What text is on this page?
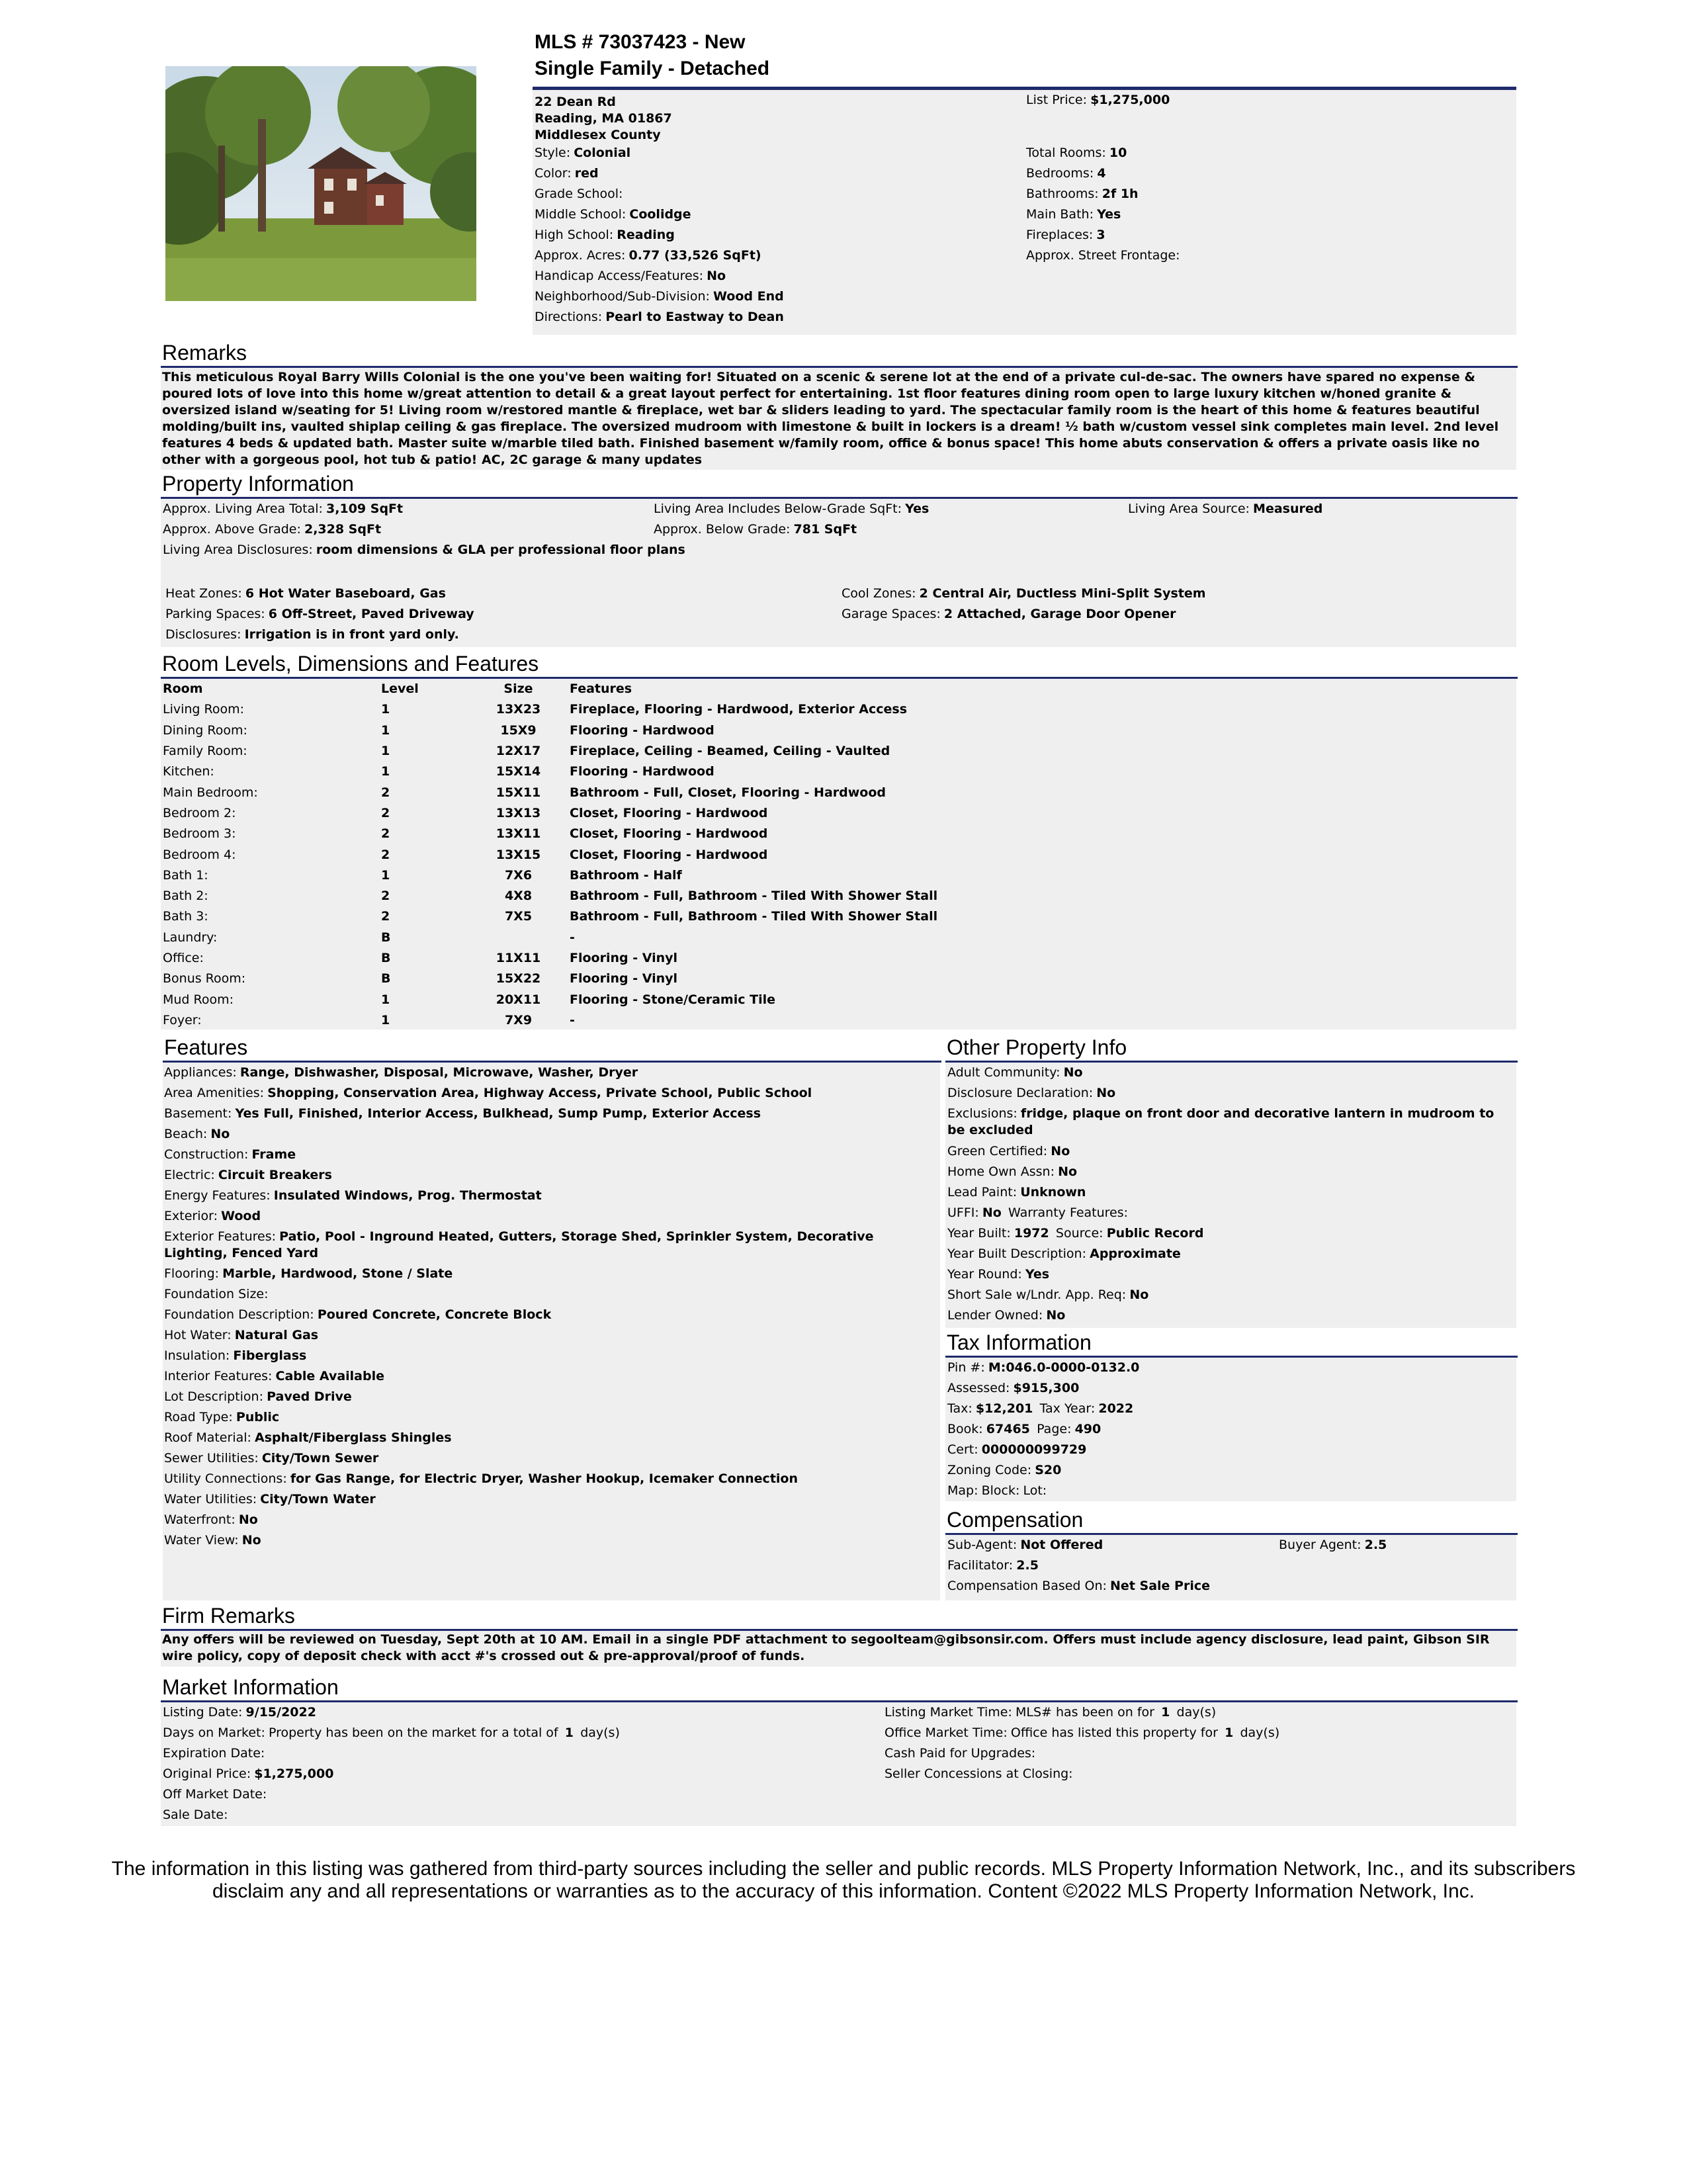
MLS # 73037423 - New
Single Family - Detached
22 Dean Rd
Reading, MA 01867
Middlesex County
List Price: $1,275,000
Style: Colonial
Color: red
Grade School:
Middle School: Coolidge
High School: Reading
Approx. Acres: 0.77 (33,526 SqFt)
Handicap Access/Features: No
Neighborhood/Sub-Division: Wood End
Directions: Pearl to Eastway to Dean
Total Rooms: 10
Bedrooms: 4
Bathrooms: 2f 1h
Main Bath: Yes
Fireplaces: 3
Approx. Street Frontage:
Remarks
This meticulous Royal Barry Wills Colonial is the one you've been waiting for! Situated on a scenic & serene lot at the end of a private cul-de-sac. The owners have spared no expense & poured lots of love into this home w/great attention to detail & a great layout perfect for entertaining. 1st floor features dining room open to large luxury kitchen w/honed granite & oversized island w/seating for 5! Living room w/restored mantle & fireplace, wet bar & sliders leading to yard. The spectacular family room is the heart of this home & features beautiful molding/built ins, vaulted shiplap ceiling & gas fireplace. The oversized mudroom with limestone & built in lockers is a dream! ½ bath w/custom vessel sink completes main level. 2nd level features 4 beds & updated bath. Master suite w/marble tiled bath. Finished basement w/family room, office & bonus space! This home abuts conservation & offers a private oasis like no other with a gorgeous pool, hot tub & patio! AC, 2C garage & many updates
Property Information
Approx. Living Area Total: 3,109 SqFt	Living Area Includes Below-Grade SqFt: Yes	Living Area Source: Measured
Approx. Above Grade: 2,328 SqFt	Approx. Below Grade: 781 SqFt
Living Area Disclosures: room dimensions & GLA per professional floor plans
Heat Zones: 6 Hot Water Baseboard, Gas	Cool Zones: 2 Central Air, Ductless Mini-Split System
Parking Spaces: 6 Off-Street, Paved Driveway	Garage Spaces: 2 Attached, Garage Door Opener
Disclosures: Irrigation is in front yard only.
Room Levels, Dimensions and Features
Room	Level	Size	Features
Living Room:	1	13X23	Fireplace, Flooring - Hardwood, Exterior Access
Dining Room:	1	15X9	Flooring - Hardwood
Family Room:	1	12X17	Fireplace, Ceiling - Beamed, Ceiling - Vaulted
Kitchen:	1	15X14	Flooring - Hardwood
Main Bedroom:	2	15X11	Bathroom - Full, Closet, Flooring - Hardwood
Bedroom 2:	2	13X13	Closet, Flooring - Hardwood
Bedroom 3:	2	13X11	Closet, Flooring - Hardwood
Bedroom 4:	2	13X15	Closet, Flooring - Hardwood
Bath 1:	1	7X6	Bathroom - Half
Bath 2:	2	4X8	Bathroom - Full, Bathroom - Tiled With Shower Stall
Bath 3:	2	7X5	Bathroom - Full, Bathroom - Tiled With Shower Stall
Laundry:	B		-
Office:	B	11X11	Flooring - Vinyl
Bonus Room:	B	15X22	Flooring - Vinyl
Mud Room:	1	20X11	Flooring - Stone/Ceramic Tile
Foyer:	1	7X9	-
Features
Appliances: Range, Dishwasher, Disposal, Microwave, Washer, Dryer
Area Amenities: Shopping, Conservation Area, Highway Access, Private School, Public School
Basement: Yes Full, Finished, Interior Access, Bulkhead, Sump Pump, Exterior Access
Beach: No
Construction: Frame
Electric: Circuit Breakers
Energy Features: Insulated Windows, Prog. Thermostat
Exterior: Wood
Exterior Features: Patio, Pool - Inground Heated, Gutters, Storage Shed, Sprinkler System, Decorative Lighting, Fenced Yard
Flooring: Marble, Hardwood, Stone / Slate
Foundation Size:
Foundation Description: Poured Concrete, Concrete Block
Hot Water: Natural Gas
Insulation: Fiberglass
Interior Features: Cable Available
Lot Description: Paved Drive
Road Type: Public
Roof Material: Asphalt/Fiberglass Shingles
Sewer Utilities: City/Town Sewer
Utility Connections: for Gas Range, for Electric Dryer, Washer Hookup, Icemaker Connection
Water Utilities: City/Town Water
Waterfront: No
Water View: No
Other Property Info
Adult Community: No
Disclosure Declaration: No
Exclusions: fridge, plaque on front door and decorative lantern in mudroom to be excluded
Green Certified: No
Home Own Assn: No
Lead Paint: Unknown
UFFI: No Warranty Features:
Year Built: 1972 Source: Public Record
Year Built Description: Approximate
Year Round: Yes
Short Sale w/Lndr. App. Req: No
Lender Owned: No
Tax Information
Pin #: M:046.0-0000-0132.0
Assessed: $915,300
Tax: $12,201 Tax Year: 2022
Book: 67465 Page: 490
Cert: 000000099729
Zoning Code: S20
Map: Block: Lot:
Compensation
Sub-Agent: Not Offered	Buyer Agent: 2.5
Facilitator: 2.5
Compensation Based On: Net Sale Price
Firm Remarks
Any offers will be reviewed on Tuesday, Sept 20th at 10 AM. Email in a single PDF attachment to segoolteam@gibsonsir.com. Offers must include agency disclosure, lead paint, Gibson SIR wire policy, copy of deposit check with acct #'s crossed out & pre-approval/proof of funds.
Market Information
Listing Date: 9/15/2022
Days on Market: Property has been on the market for a total of 1 day(s)
Expiration Date:
Original Price: $1,275,000
Off Market Date:
Sale Date:
Listing Market Time: MLS# has been on for 1 day(s)
Office Market Time: Office has listed this property for 1 day(s)
Cash Paid for Upgrades:
Seller Concessions at Closing:
The information in this listing was gathered from third-party sources including the seller and public records. MLS Property Information Network, Inc., and its subscribers
disclaim any and all representations or warranties as to the accuracy of this information. Content ©2022 MLS Property Information Network, Inc.
